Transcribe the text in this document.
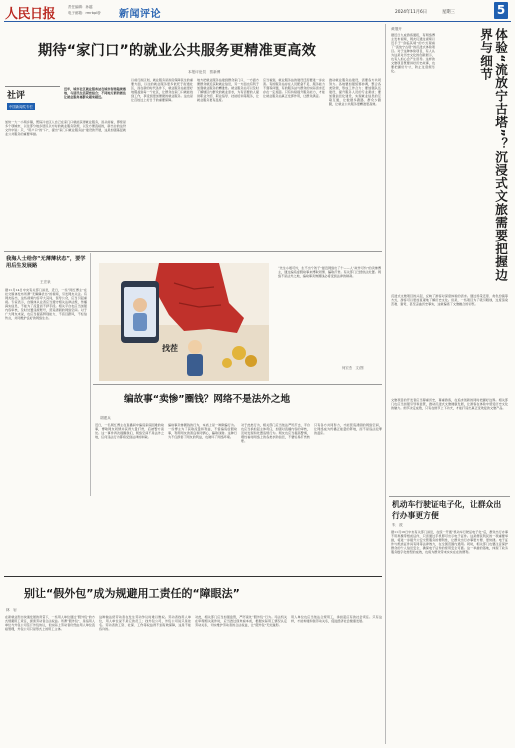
人民日报	责任编辑：孙越
电子邮箱：rmrbpl@ 新闻评论	2024年11月6日	星期三	5
期待“家门口”的就业公共服务更精准更高效
本报评论员　蔡新博
社评
中国新闻奖专栏
近年，城市社区就业服务站在城市街巷陆续落地，与居民生活紧密结合；不同地方新的做法让就业服务离群众越来越近。
加快一大一小两乡镇，既际冷社区人自己在家门口就能获得就业服务，而从前看，即使是多个项城市，以往部分地乡居民以方时的就业服务资源，以及方便直接的，新出台的这份文件中说：只，“用户口”的“口”，提出“家门口就业服务站”建设的开展，这是加强基层就业公共服务的重要举措。
以前行政区划，就业服务是政府保障民生的重要方面，以往的就业服务更多依托于街道社区，而在新的时代条件下，就业服务站能更好地覆盖到每一个社区，让群众在家门口就能找到工作，享受到更加便捷的就业服务。这也是让百姓过上好日子的重要保障。
地方把就业服务站建到群众家门口，一方面方便群众就近获取就业信息，另一方面也有利于加强就业服务的精准性。就业服务站可以及时了解辖区内群众的就业需求，为有需要的人提供职业介绍、职业指导、技能培训等服务，让就业服务更有温度。
应当看到，就业服务站的建设还需要进一步完善。有的服务站存在人员配备不足、服务能力不强等问题，有的服务站与群众的实际需求还存在一定差距。只有持续提升服务能力，才能让就业服务站真正发挥作用，让群众满意。
推动就业服务站建设，需要各方共同努力。各地要加强统筹协调，整合各类资源，形成工作合力；要加强队伍建设，提升服务人员的专业素质；要加强信息化建设，实现就业信息的互联互通，让数据多跑路、群众少跑腿，让就业公共服务更精准更高效。
我海人士给你“无薄薄状态”，要学用后生发展路
王宏泉
据11月14日中央有关部门消息，近日，一些“网红博主”在社交媒体发布所谓“无薄薄状态”的视频，引发网友关注。有网友指出，这些视频内容夸大其词，误导公众，应当引起重视。专家表示，自媒体从业者应当遵守相关法律法规，传播真实信息，不能为了流量而不择手段。相关平台也应当加强内容审核，及时处置违规账号，营造清朗的网络空间。对于广大网友来说，也应当提高辨别能力，不盲目跟风，不轻信传言，共同维护良好的网络生态。
找茬
“先生小姐可怜，生不出个孩子”最近网络出了个——人“故作可怜”的卖惨博主，通过编造虚假故事来博取同情、骗取打赏。有关部门已经依法处置。网络不是法外之地，编故事卖惨圈钱必将受到法律的制裁。
何宏杰　文/图
编故事“卖惨”圈钱？网络不是法外之地
胡建兵
近日，一名网红博主在直播间中编造家庭困难的故事，博取网友同情并获得大量打赏，后被警方查处。这一事件再次提醒我们，网络空间不是法外之地，任何违法行为都将受到法律的制裁。
编故事卖惨圈钱的行为，本质上是一种欺骗行为。一些博主为了获取流量和利益，不惜编造虚假故事，利用网友的善良和同情心，骗取钱财。这种行为不仅损害了网友的利益，也破坏了网络环境。
对于此类行为，相关部门应当依法严厉打击，平台也应当承担起主体责任，加强对直播内容的审核，及时发现和处置违规行为。网友也应当提高警惕，理性看待网络上的各类求助信息，不要轻易打赏转账。
只有各方共同努力，才能营造清朗的网络空间，让网络成为传播正能量的阵地，而不是违法犯罪的温床。
别让“假外包”成为规避用工责任的“障眼法”
林　岩
在新就业形态快速发展的背景下，一些用人单位通过“假外包”的方式规避用工责任，损害劳动者合法权益。所谓“假外包”，是指用人单位与外包公司签订外包协议，但实际上劳动者仍然由用人单位直接管理，外包公司只是形式上的用工主体。
这种做法使劳动者在发生劳动争议时难以维权。劳动者找用人单位，用人单位说不是它的员工；找外包公司，外包公司说只是挂名。劳动者的工资、社保、工伤等权益得不到有效保障，这是不能容许的。
对此，相关部门应当加强监管，严厉查处“假外包”行为。司法机关在审理相关案件时，应当透过现象看本质，根据实际用工情况认定劳动关系，切实维护劳动者的合法权益，让“假外包”无处遁形。
用人单位也应当依法合规用工，承担起应有的社会责任。只有这样，才能构建和谐劳动关系，促进经济社会健康发展。
黄继开
据近日九成游客通报，有网络博主发布视频，网友们通过视频以近乎于“身临其境”的方式观看了“流放宁古塔”的沉浸式体验项目。对于这种体验项目，有人认为这是对历史文化的创新展示，也有人担心会产生误导。这样的文旅项目既要讲好历史故事，也要把握好分寸，防止过度娱乐化。	体验“流放宁古塔”？沉浸式文旅需要把握边界与细节
沉浸式文旅项目的兴起，反映了游客对深度体验的需求。通过场景还原、角色扮演等方式，游客可以更加直观地了解历史文化。但是，一些项目为了吸引眼球，过度渲染苦难、猎奇，甚至歪曲历史事实，这就偏离了文旅融合的初衷。
文旅项目的开发者应当尊重历史，尊重游客，在追求创新的同时把握好边界。相关部门也应当加强引导和监管，推动沉浸式文旅健康发展，让游客在体验中感受历史文化的魅力。细节决定成败，只有在细节上下功夫，才能打造出真正受欢迎的文旅产品。
机动车行驶证电子化，让群众出行办事更方便
朱　波
据11月16日中央有关部门消息，在统一开通“机动车行驶证电子化”后，群众出行办事不用再携带纸质证件，只需通过手机即可出示电子证件。这是便民利民的一项重要举措，将进一步提升公安交管服务的便利性，让群众出行办事更方便、更快捷。电子证件与纸质证件具有同等法律效力，在全国范围内通用。同时，相关部门也要注意保护群众的个人信息安全，确保电子证件的使用安全可靠。这一举措的落地，体现了政务服务数字化转型的成效，也将为群众带来实实在在的便利。
